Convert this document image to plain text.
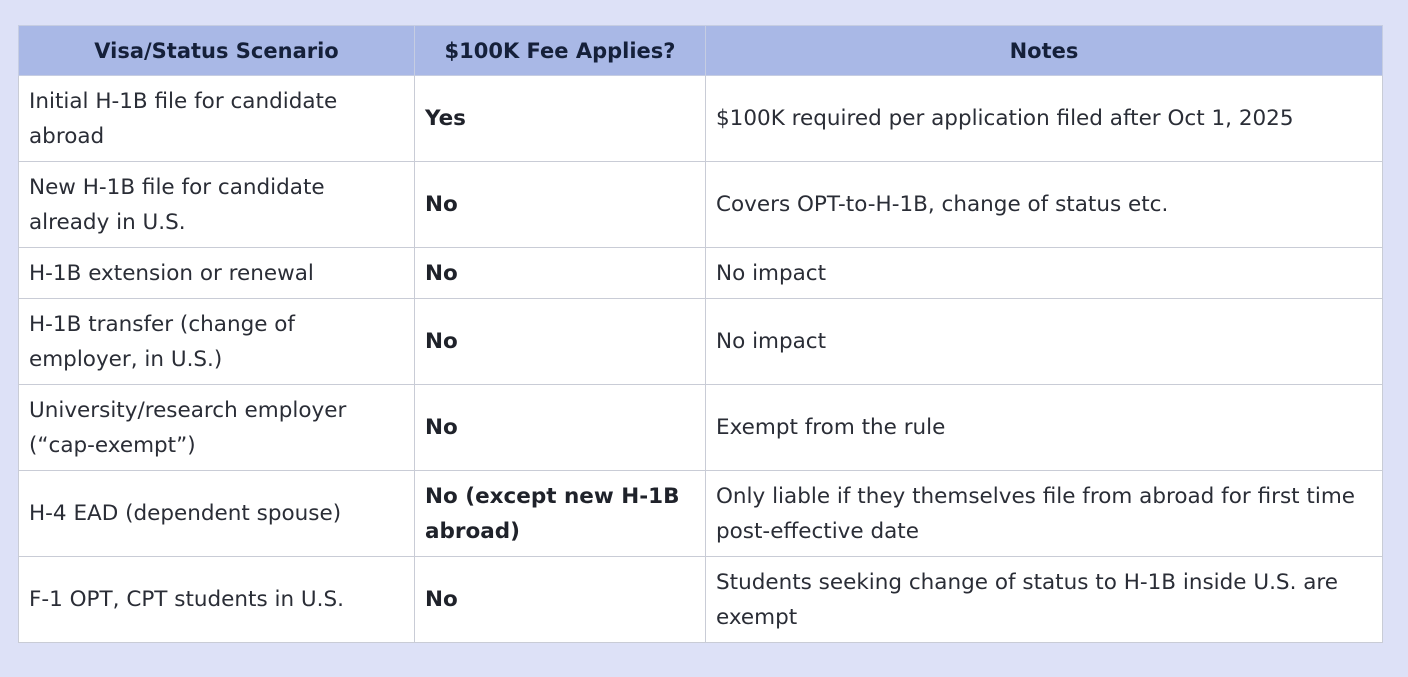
Visa/Status Scenario	$100K Fee Applies?	Notes
Initial H-1B file for candidate abroad	Yes	$100K required per application filed after Oct 1, 2025
New H-1B file for candidate already in U.S.	No	Covers OPT-to-H-1B, change of status etc.
H-1B extension or renewal	No	No impact
H-1B transfer (change of employer, in U.S.)	No	No impact
University/research employer (“cap-exempt”)	No	Exempt from the rule
H-4 EAD (dependent spouse)	No (except new H-1B abroad)	Only liable if they themselves file from abroad for first time post-effective date
F-1 OPT, CPT students in U.S.	No	Students seeking change of status to H-1B inside U.S. are exempt
